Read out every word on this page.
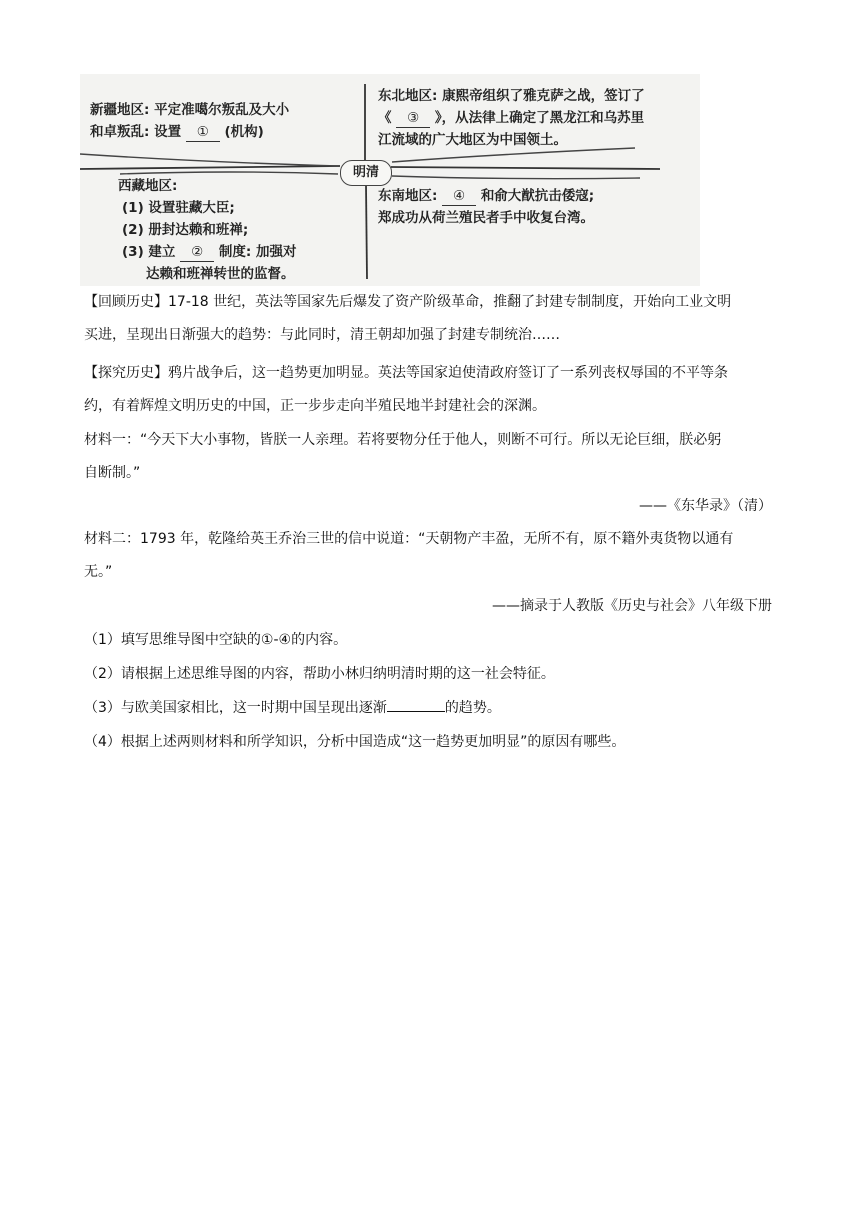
新疆地区: 平定准噶尔叛乱及大小
和卓叛乱: 设置 ① (机构)
东北地区: 康熙帝组织了雅克萨之战，签订了
《 ③ 》，从法律上确定了黑龙江和乌苏里
江流域的广大地区为中国领土。
明清
西藏地区:
(1) 设置驻藏大臣;
(2) 册封达赖和班禅;
(3) 建立 ② 制度: 加强对
达赖和班禅转世的监督。
东南地区: ④ 和俞大猷抗击倭寇;
郑成功从荷兰殖民者手中收复台湾。

【回顾历史】17-18 世纪，英法等国家先后爆发了资产阶级革命，推翻了封建专制制度，开始向工业文明

买进，呈现出日渐强大的趋势：与此同时，清王朝却加强了封建专制统治……

【探究历史】鸦片战争后，这一趋势更加明显。英法等国家迫使清政府签订了一系列丧权辱国的不平等条

约，有着辉煌文明历史的中国，正一步步走向半殖民地半封建社会的深渊。

材料一：“今天下大小事物，皆朕一人亲理。若将要物分任于他人，则断不可行。所以无论巨细，朕必躬

自断制。”

——《东华录》（清）

材料二：1793 年，乾隆给英王乔治三世的信中说道：“天朝物产丰盈，无所不有，原不籍外夷货物以通有

无。”

——摘录于人教版《历史与社会》八年级下册

（1）填写思维导图中空缺的①-④的内容。

（2）请根据上述思维导图的内容，帮助小林归纳明清时期的这一社会特征。

（3）与欧美国家相比，这一时期中国呈现出逐渐	的趋势。

（4）根据上述两则材料和所学知识，分析中国造成“这一趋势更加明显”的原因有哪些。
